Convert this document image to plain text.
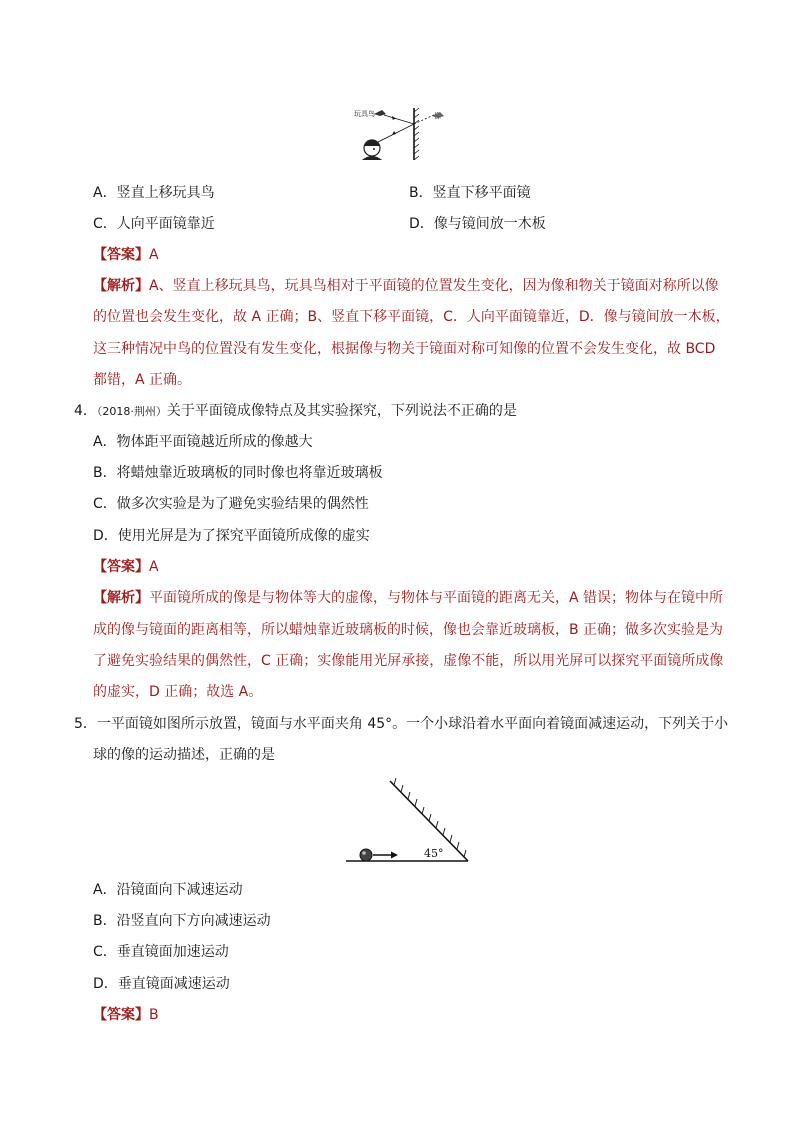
玩具鸟
A．竖直上移玩具鸟	B．竖直下移平面镜
C．人向平面镜靠近	D．像与镜间放一木板
【答案】A
【解析】A、竖直上移玩具鸟，玩具鸟相对于平面镜的位置发生变化，因为像和物关于镜面对称所以像
的位置也会发生变化，故 A 正确；B、竖直下移平面镜，C．人向平面镜靠近，D．像与镜间放一木板，
这三种情况中鸟的位置没有发生变化，根据像与物关于镜面对称可知像的位置不会发生变化，故 BCD
都错，A 正确。
4．（2018·荆州）关于平面镜成像特点及其实验探究，下列说法不正确的是
A．物体距平面镜越近所成的像越大
B．将蜡烛靠近玻璃板的同时像也将靠近玻璃板
C．做多次实验是为了避免实验结果的偶然性
D．使用光屏是为了探究平面镜所成像的虚实
【答案】A
【解析】平面镜所成的像是与物体等大的虚像，与物体与平面镜的距离无关，A 错误；物体与在镜中所
成的像与镜面的距离相等，所以蜡烛靠近玻璃板的时候，像也会靠近玻璃板，B 正确；做多次实验是为
了避免实验结果的偶然性，C 正确；实像能用光屏承接，虚像不能，所以用光屏可以探究平面镜所成像
的虚实，D 正确；故选 A。
5．一平面镜如图所示放置，镜面与水平面夹角 45°。一个小球沿着水平面向着镜面减速运动，下列关于小
球的像的运动描述，正确的是
45°
A．沿镜面向下减速运动
B．沿竖直向下方向减速运动
C．垂直镜面加速运动
D．垂直镜面减速运动
【答案】B
